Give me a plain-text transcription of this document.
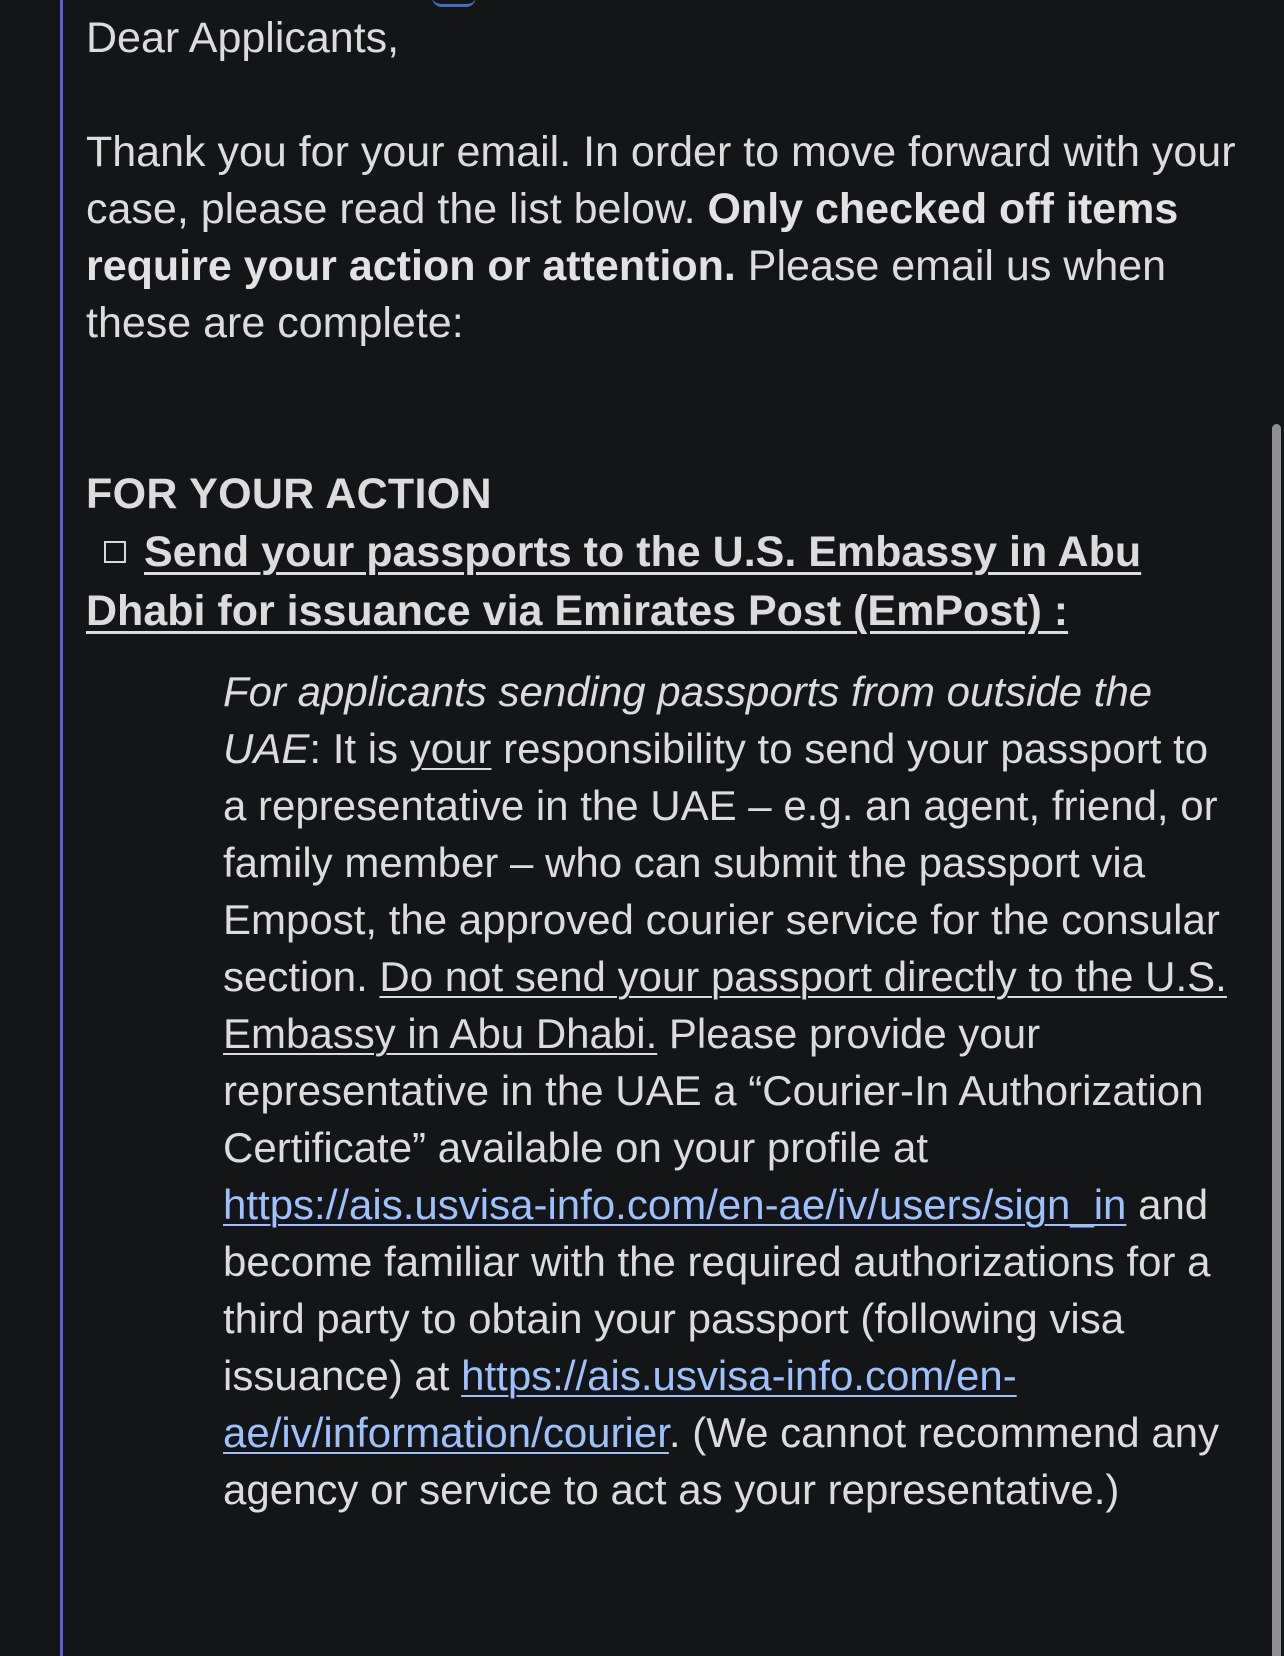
Dear Applicants,

Thank you for your email. In order to move forward with your case, please read the list below. Only checked off items require your action or attention. Please email us when these are complete:

FOR YOUR ACTION

Send your passports to the U.S. Embassy in Abu Dhabi for issuance via Emirates Post (EmPost) :

For applicants sending passports from outside the UAE: It is your responsibility to send your passport to a representative in the UAE – e.g. an agent, friend, or family member – who can submit the passport via Empost, the approved courier service for the consular section. Do not send your passport directly to the U.S. Embassy in Abu Dhabi. Please provide your representative in the UAE a “Courier-In Authorization Certificate” available on your profile at https://ais.usvisa-info.com/en-ae/iv/users/sign_in and become familiar with the required authorizations for a third party to obtain your passport (following visa issuance) at https://ais.usvisa-info.com/en-ae/iv/information/courier. (We cannot recommend any agency or service to act as your representative.)
